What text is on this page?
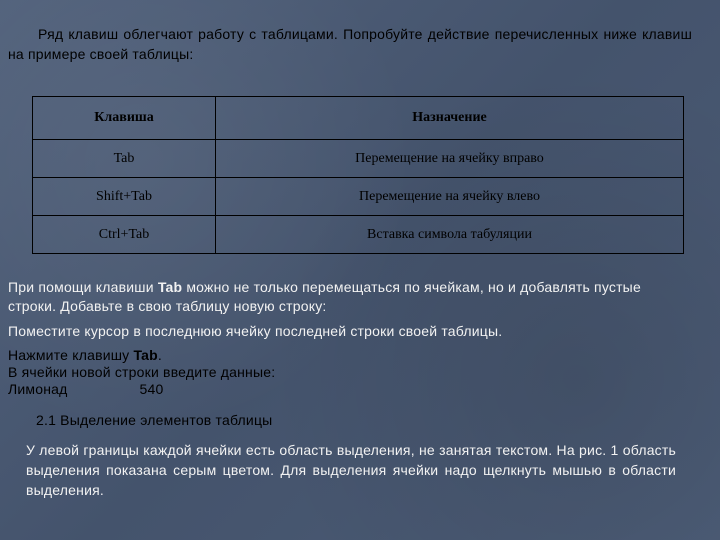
Ряд клавиш облегчают работу с таблицами. Попробуйте действие перечисленных ниже клавиш на примере своей таблицы:
Клавиша	Назначение
Tab	Перемещение на ячейку вправо
Shift+Tab	Перемещение на ячейку влево
Ctrl+Tab	Вставка символа табуляции
При помощи клавиши Tab можно не только перемещаться по ячейкам, но и добавлять пустые строки. Добавьте в свою таблицу новую строку:
Поместите курсор в последнюю ячейку последней строки своей таблицы.
Нажмите клавишу Tab.
В ячейки новой строки введите данные:
Лимонад	540
2.1 Выделение элементов таблицы
У левой границы каждой ячейки есть область выделения, не занятая текстом. На рис. 1 область выделения показана серым цветом. Для выделения ячейки надо щелкнуть мышью в области выделения.
